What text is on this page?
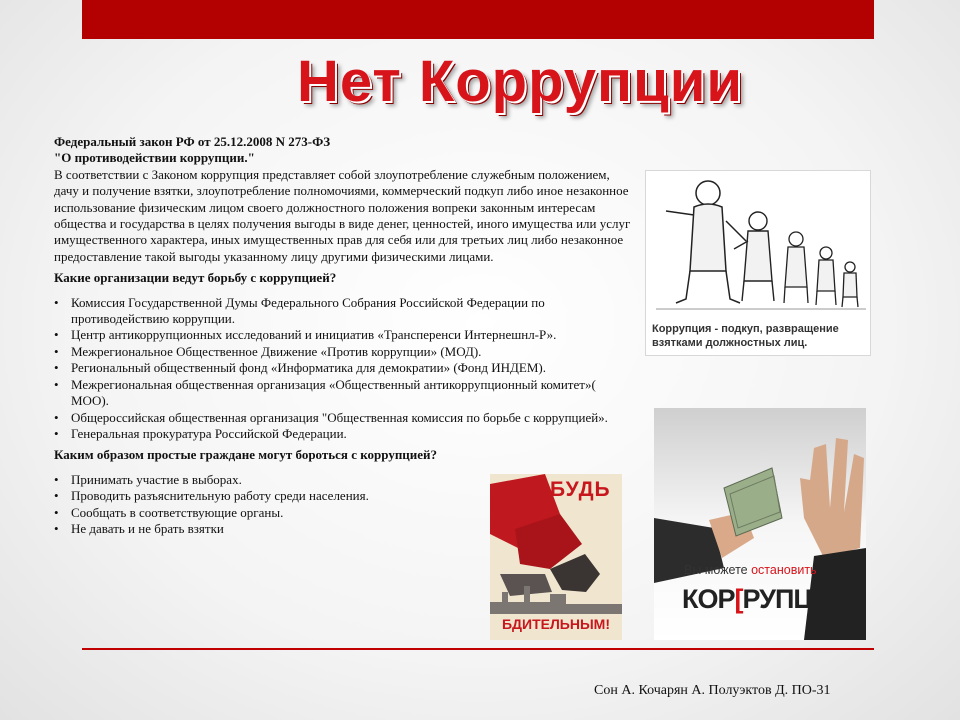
Нет Коррупции

Федеральный закон РФ от 25.12.2008 N 273-ФЗ

"О противодействии коррупции."

В соответствии с Законом коррупция представляет собой злоупотребление служебным положением, дачу и получение взятки, злоупотребление полномочиями, коммерческий подкуп либо иное незаконное использование физическим лицом своего должностного положения вопреки законным интересам общества и государства в целях получения выгоды в виде денег, ценностей, иного имущества или услуг имущественного характера, иных имущественных прав для себя или для третьих лиц либо незаконное предоставление такой выгоды указанному лицу другими физическими лицами.

Какие организации ведут борьбу с коррупцией?

• Комиссия Государственной Думы Федерального Собрания Российской Федерации по противодействию коррупции.
• Центр антикоррупционных исследований и инициатив «Трансперенси Интернешнл-Р».
• Межрегиональное Общественное Движение «Против коррупции» (МОД).
• Региональный общественный фонд «Информатика для демократии» (Фонд ИНДЕМ).
• Межрегиональная общественная организация «Общественный антикоррупционный комитет»( МОО).
• Общероссийская общественная организация "Общественная комиссия по борьбе с коррупцией».
• Генеральная прокуратура Российской Федерации.

Каким образом простые граждане могут бороться с коррупцией?

• Принимать участие в выборах.
• Проводить разъяснительную работу среди населения.
• Сообщать в соответствующие органы.
• Не давать и не брать взятки
Коррупция - подкуп, развращение взятками должностных лиц.
БУДЬ
БДИТЕЛЬНЫМ!
Вы можете остановить
КОР[РУПЦИЮ
Сон А. Кочарян А. Полуэктов Д. ПО-31
